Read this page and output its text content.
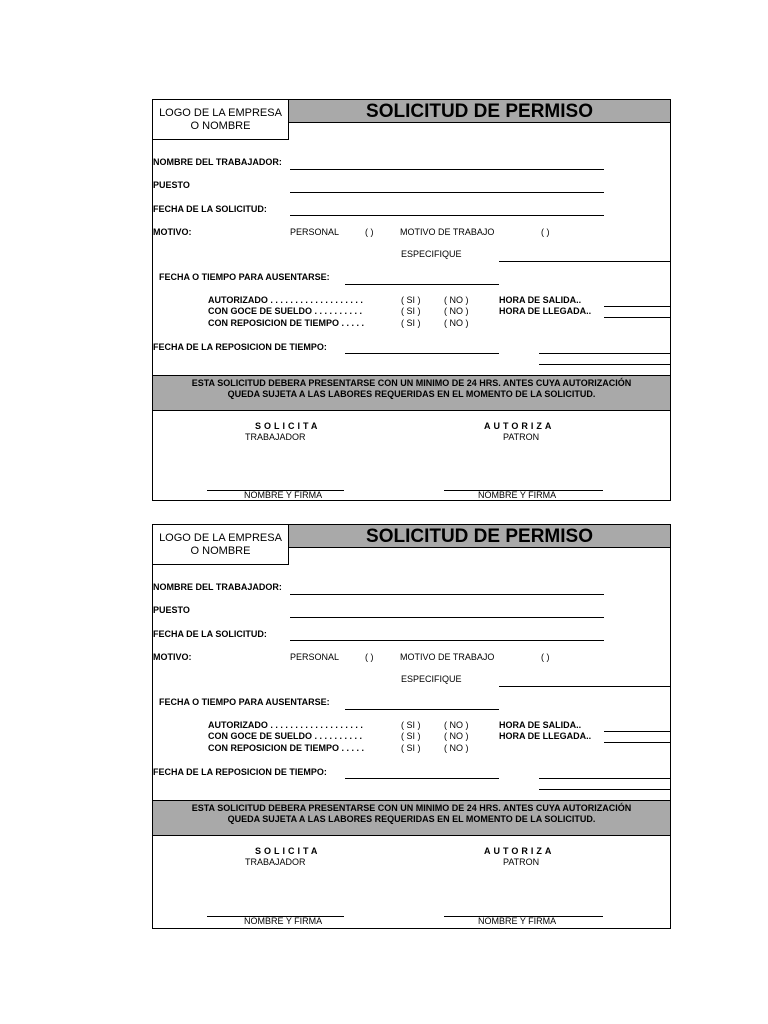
LOGO DE LA EMPRESA
O NOMBRE
SOLICITUD DE PERMISO
NOMBRE DEL TRABAJADOR:
PUESTO
FECHA DE LA SOLICITUD:
MOTIVO:	PERSONAL	( )	MOTIVO DE TRABAJO	( )
ESPECIFIQUE
FECHA O TIEMPO PARA AUSENTARSE:
AUTORIZADO . . . . . . . . . . . . . . . . . . .	( SI )	( NO )	HORA DE SALIDA..
CON GOCE DE SUELDO . . . . . . . . . .	( SI )	( NO )	HORA DE LLEGADA..
CON REPOSICION DE TIEMPO . . . . .	( SI )	( NO )
FECHA DE LA REPOSICION DE TIEMPO:
ESTA SOLICITUD DEBERA PRESENTARSE CON UN MINIMO DE 24 HRS. ANTES CUYA AUTORIZACIÓN
QUEDA SUJETA A LAS LABORES REQUERIDAS EN EL MOMENTO DE LA SOLICITUD.
SOLICITA
TRABAJADOR
AUTORIZA
PATRON
NOMBRE Y FIRMA	NOMBRE Y FIRMA
LOGO DE LA EMPRESA
O NOMBRE
SOLICITUD DE PERMISO
NOMBRE DEL TRABAJADOR:
PUESTO
FECHA DE LA SOLICITUD:
MOTIVO:	PERSONAL	( )	MOTIVO DE TRABAJO	( )
ESPECIFIQUE
FECHA O TIEMPO PARA AUSENTARSE:
AUTORIZADO . . . . . . . . . . . . . . . . . . .	( SI )	( NO )	HORA DE SALIDA..
CON GOCE DE SUELDO . . . . . . . . . .	( SI )	( NO )	HORA DE LLEGADA..
CON REPOSICION DE TIEMPO . . . . .	( SI )	( NO )
FECHA DE LA REPOSICION DE TIEMPO:
ESTA SOLICITUD DEBERA PRESENTARSE CON UN MINIMO DE 24 HRS. ANTES CUYA AUTORIZACIÓN
QUEDA SUJETA A LAS LABORES REQUERIDAS EN EL MOMENTO DE LA SOLICITUD.
SOLICITA
TRABAJADOR
AUTORIZA
PATRON
NOMBRE Y FIRMA	NOMBRE Y FIRMA
